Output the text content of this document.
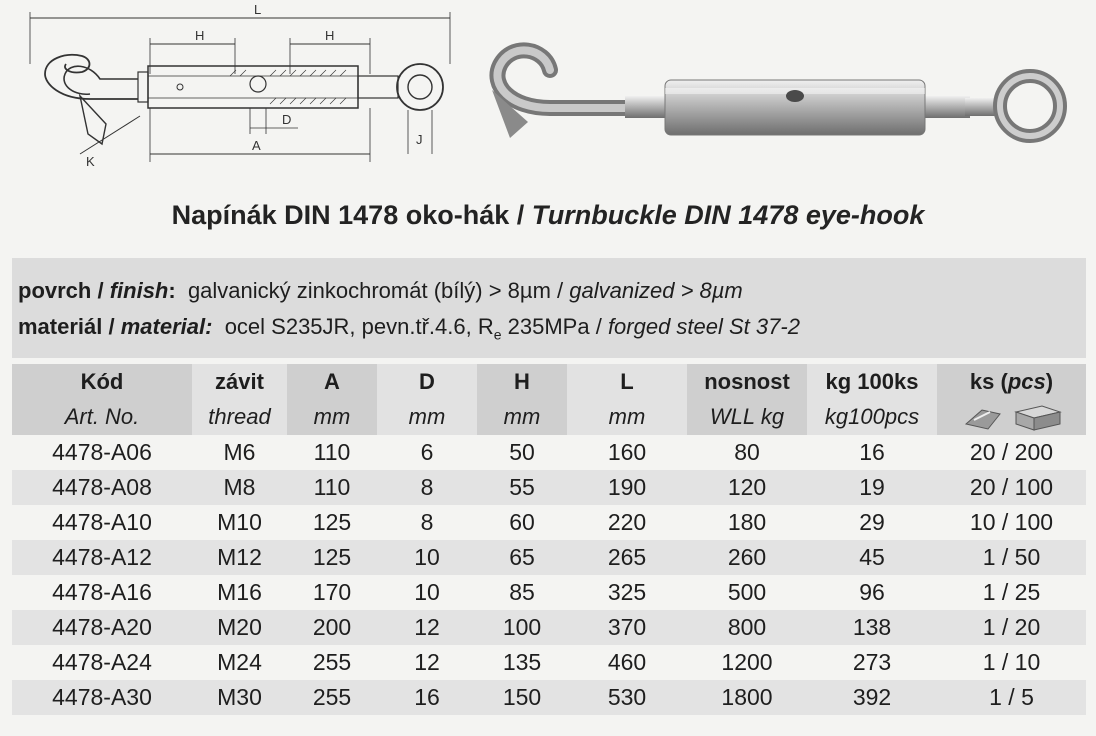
L
H	H
D
A	J
K
Napínák DIN 1478 oko-hák / Turnbuckle DIN 1478 eye-hook
povrch / finish: galvanický zinkochromát (bílý) > 8µm / galvanized > 8µm
materiál / material: ocel S235JR, pevn.tř.4.6, $R_e$ 235MPa / forged steel St 37-2
Kód	závit	A	D	H	L	nosnost	kg 100ks	ks (pcs)
Art. No.	thread	mm	mm	mm	mm	WLL kg	kg100pcs	
4478-A06	M6	110	6	50	160	80	16	20 / 200
4478-A08	M8	110	8	55	190	120	19	20 / 100
4478-A10	M10	125	8	60	220	180	29	10 / 100
4478-A12	M12	125	10	65	265	260	45	1 / 50
4478-A16	M16	170	10	85	325	500	96	1 / 25
4478-A20	M20	200	12	100	370	800	138	1 / 20
4478-A24	M24	255	12	135	460	1200	273	1 / 10
4478-A30	M30	255	16	150	530	1800	392	1 / 5
